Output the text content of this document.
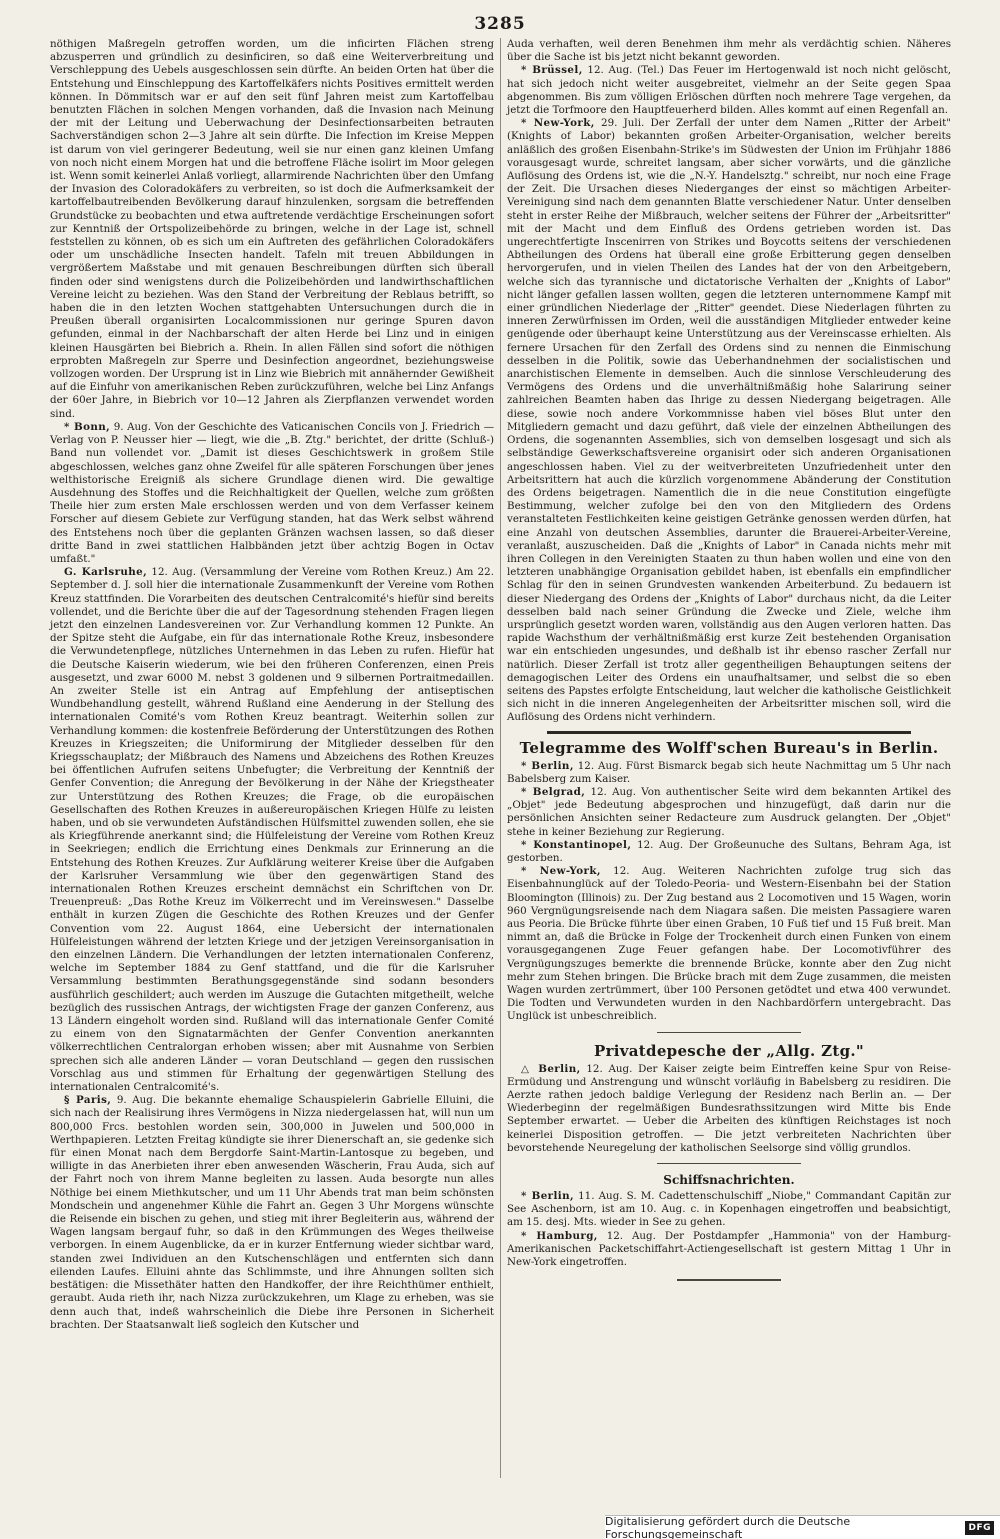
3285

nöthigen Maßregeln getroffen worden, um die inficirten Flächen streng abzusperren und gründlich zu desinficiren, so daß eine Weiterverbreitung und Verschleppung des Uebels ausgeschlossen sein dürfte. An beiden Orten hat über die Entstehung und Einschleppung des Kartoffelkäfers nichts Positives ermittelt werden können. In Dömmitsch war er auf den seit fünf Jahren meist zum Kartoffelbau benutzten Flächen in solchen Mengen vorhanden, daß die Invasion nach Meinung der mit der Leitung und Ueberwachung der Desinfectionsarbeiten betrauten Sachverständigen schon 2—3 Jahre alt sein dürfte. Die Infection im Kreise Meppen ist darum von viel geringerer Bedeutung, weil sie nur einen ganz kleinen Umfang von noch nicht einem Morgen hat und die betroffene Fläche isolirt im Moor gelegen ist. Wenn somit keinerlei Anlaß vorliegt, allarmirende Nachrichten über den Umfang der Invasion des Coloradokäfers zu verbreiten, so ist doch die Aufmerksamkeit der kartoffelbautreibenden Bevölkerung darauf hinzulenken, sorgsam die betreffenden Grundstücke zu beobachten und etwa auftretende verdächtige Erscheinungen sofort zur Kenntniß der Ortspolizeibehörde zu bringen, welche in der Lage ist, schnell feststellen zu können, ob es sich um ein Auftreten des gefährlichen Coloradokäfers oder um unschädliche Insecten handelt. Tafeln mit treuen Abbildungen in vergrößertem Maßstabe und mit genauen Beschreibungen dürften sich überall finden oder sind wenigstens durch die Polizeibehörden und landwirthschaftlichen Vereine leicht zu beziehen. Was den Stand der Verbreitung der Reblaus betrifft, so haben die in den letzten Wochen stattgehabten Untersuchungen durch die in Preußen überall organisirten Localcommissionen nur geringe Spuren davon gefunden, einmal in der Nachbarschaft der alten Herde bei Linz und in einigen kleinen Hausgärten bei Biebrich a. Rhein. In allen Fällen sind sofort die nöthigen erprobten Maßregeln zur Sperre und Desinfection angeordnet, beziehungsweise vollzogen worden. Der Ursprung ist in Linz wie Biebrich mit annähernder Gewißheit auf die Einfuhr von amerikanischen Reben zurückzuführen, welche bei Linz Anfangs der 60er Jahre, in Biebrich vor 10—12 Jahren als Zierpflanzen verwendet worden sind.

* Bonn, 9. Aug. Von der Geschichte des Vaticanischen Concils von J. Friedrich — Verlag von P. Neusser hier — liegt, wie die „B. Ztg." berichtet, der dritte (Schluß-) Band nun vollendet vor. „Damit ist dieses Geschichtswerk in großem Stile abgeschlossen, welches ganz ohne Zweifel für alle späteren Forschungen über jenes welthistorische Ereigniß als sichere Grundlage dienen wird. Die gewaltige Ausdehnung des Stoffes und die Reichhaltigkeit der Quellen, welche zum größten Theile hier zum ersten Male erschlossen werden und von dem Verfasser keinem Forscher auf diesem Gebiete zur Verfügung standen, hat das Werk selbst während des Entstehens noch über die geplanten Gränzen wachsen lassen, so daß dieser dritte Band in zwei stattlichen Halbbänden jetzt über achtzig Bogen in Octav umfaßt."

G. Karlsruhe, 12. Aug. (Versammlung der Vereine vom Rothen Kreuz.) Am 22. September d. J. soll hier die internationale Zusammenkunft der Vereine vom Rothen Kreuz stattfinden. Die Vorarbeiten des deutschen Centralcomité's hiefür sind bereits vollendet, und die Berichte über die auf der Tagesordnung stehenden Fragen liegen jetzt den einzelnen Landesvereinen vor. Zur Verhandlung kommen 12 Punkte. An der Spitze steht die Aufgabe, ein für das internationale Rothe Kreuz, insbesondere die Verwundetenpflege, nützliches Unternehmen in das Leben zu rufen. Hiefür hat die Deutsche Kaiserin wiederum, wie bei den früheren Conferenzen, einen Preis ausgesetzt, und zwar 6000 M. nebst 3 goldenen und 9 silbernen Portraitmedaillen. An zweiter Stelle ist ein Antrag auf Empfehlung der antiseptischen Wundbehandlung gestellt, während Rußland eine Aenderung in der Stellung des internationalen Comité's vom Rothen Kreuz beantragt. Weiterhin sollen zur Verhandlung kommen: die kostenfreie Beförderung der Unterstützungen des Rothen Kreuzes in Kriegszeiten; die Uniformirung der Mitglieder desselben für den Kriegsschauplatz; der Mißbrauch des Namens und Abzeichens des Rothen Kreuzes bei öffentlichen Aufrufen seitens Unbefugter; die Verbreitung der Kenntniß der Genfer Convention; die Anregung der Bevölkerung in der Nähe der Kriegstheater zur Unterstützung des Rothen Kreuzes; die Frage, ob die europäischen Gesellschaften des Rothen Kreuzes in außereuropäischen Kriegen Hülfe zu leisten haben, und ob sie verwundeten Aufständischen Hülfsmittel zuwenden sollen, ehe sie als Kriegführende anerkannt sind; die Hülfeleistung der Vereine vom Rothen Kreuz in Seekriegen; endlich die Errichtung eines Denkmals zur Erinnerung an die Entstehung des Rothen Kreuzes. Zur Aufklärung weiterer Kreise über die Aufgaben der Karlsruher Versammlung wie über den gegenwärtigen Stand des internationalen Rothen Kreuzes erscheint demnächst ein Schriftchen von Dr. Treuenpreuß: „Das Rothe Kreuz im Völkerrecht und im Vereinswesen." Dasselbe enthält in kurzen Zügen die Geschichte des Rothen Kreuzes und der Genfer Convention vom 22. August 1864, eine Uebersicht der internationalen Hülfeleistungen während der letzten Kriege und der jetzigen Vereinsorganisation in den einzelnen Ländern. Die Verhandlungen der letzten internationalen Conferenz, welche im September 1884 zu Genf stattfand, und die für die Karlsruher Versammlung bestimmten Berathungsgegenstände sind sodann besonders ausführlich geschildert; auch werden im Auszuge die Gutachten mitgetheilt, welche bezüglich des russischen Antrags, der wichtigsten Frage der ganzen Conferenz, aus 13 Ländern eingeholt worden sind. Rußland will das internationale Genfer Comité zu einem von den Signatarmächten der Genfer Convention anerkannten völkerrechtlichen Centralorgan erhoben wissen; aber mit Ausnahme von Serbien sprechen sich alle anderen Länder — voran Deutschland — gegen den russischen Vorschlag aus und stimmen für Erhaltung der gegenwärtigen Stellung des internationalen Centralcomité's.

§ Paris, 9. Aug. Die bekannte ehemalige Schauspielerin Gabrielle Elluini, die sich nach der Realisirung ihres Vermögens in Nizza niedergelassen hat, will nun um 800,000 Frcs. bestohlen worden sein, 300,000 in Juwelen und 500,000 in Werthpapieren. Letzten Freitag kündigte sie ihrer Dienerschaft an, sie gedenke sich für einen Monat nach dem Bergdorfe Saint-Martin-Lantosque zu begeben, und willigte in das Anerbieten ihrer eben anwesenden Wäscherin, Frau Auda, sich auf der Fahrt noch von ihrem Manne begleiten zu lassen. Auda besorgte nun alles Nöthige bei einem Miethkutscher, und um 11 Uhr Abends trat man beim schönsten Mondschein und angenehmer Kühle die Fahrt an. Gegen 3 Uhr Morgens wünschte die Reisende ein bischen zu gehen, und stieg mit ihrer Begleiterin aus, während der Wagen langsam bergauf fuhr, so daß in den Krümmungen des Weges theilweise verborgen. In einem Augenblicke, da er in kurzer Entfernung wieder sichtbar ward, standen zwei Individuen an den Kutschenschlägen und entfernten sich dann eilenden Laufes. Elluini ahnte das Schlimmste, und ihre Ahnungen sollten sich bestätigen: die Missethäter hatten den Handkoffer, der ihre Reichthümer enthielt, geraubt. Auda rieth ihr, nach Nizza zurückzukehren, um Klage zu erheben, was sie denn auch that, indeß wahrscheinlich die Diebe ihre Personen in Sicherheit brachten. Der Staatsanwalt ließ sogleich den Kutscher und

Auda verhaften, weil deren Benehmen ihm mehr als verdächtig schien. Näheres über die Sache ist bis jetzt nicht bekannt geworden.

* Brüssel, 12. Aug. (Tel.) Das Feuer im Hertogenwald ist noch nicht gelöscht, hat sich jedoch nicht weiter ausgebreitet, vielmehr an der Seite gegen Spaa abgenommen. Bis zum völligen Erlöschen dürften noch mehrere Tage vergehen, da jetzt die Torfmoore den Hauptfeuerherd bilden. Alles kommt auf einen Regenfall an.

* New-York, 29. Juli. Der Zerfall der unter dem Namen „Ritter der Arbeit" (Knights of Labor) bekannten großen Arbeiter-Organisation, welcher bereits anläßlich des großen Eisenbahn-Strike's im Südwesten der Union im Frühjahr 1886 vorausgesagt wurde, schreitet langsam, aber sicher vorwärts, und die gänzliche Auflösung des Ordens ist, wie die „N.-Y. Handelsztg." schreibt, nur noch eine Frage der Zeit. Die Ursachen dieses Niederganges der einst so mächtigen Arbeiter-Vereinigung sind nach dem genannten Blatte verschiedener Natur. Unter denselben steht in erster Reihe der Mißbrauch, welcher seitens der Führer der „Arbeitsritter" mit der Macht und dem Einfluß des Ordens getrieben worden ist. Das ungerechtfertigte Inscenirren von Strikes und Boycotts seitens der verschiedenen Abtheilungen des Ordens hat überall eine große Erbitterung gegen denselben hervorgerufen, und in vielen Theilen des Landes hat der von den Arbeitgebern, welche sich das tyrannische und dictatorische Verhalten der „Knights of Labor" nicht länger gefallen lassen wollten, gegen die letzteren unternommene Kampf mit einer gründlichen Niederlage der „Ritter" geendet. Diese Niederlagen führten zu inneren Zerwürfnissen im Orden, weil die ausständigen Mitglieder entweder keine genügende oder überhaupt keine Unterstützung aus der Vereinscasse erhielten. Als fernere Ursachen für den Zerfall des Ordens sind zu nennen die Einmischung desselben in die Politik, sowie das Ueberhandnehmen der socialistischen und anarchistischen Elemente in demselben. Auch die sinnlose Verschleuderung des Vermögens des Ordens und die unverhältnißmäßig hohe Salarirung seiner zahlreichen Beamten haben das Ihrige zu dessen Niedergang beigetragen. Alle diese, sowie noch andere Vorkommnisse haben viel böses Blut unter den Mitgliedern gemacht und dazu geführt, daß viele der einzelnen Abtheilungen des Ordens, die sogenannten Assemblies, sich von demselben losgesagt und sich als selbständige Gewerkschaftsvereine organisirt oder sich anderen Organisationen angeschlossen haben. Viel zu der weitverbreiteten Unzufriedenheit unter den Arbeitsrittern hat auch die kürzlich vorgenommene Abänderung der Constitution des Ordens beigetragen. Namentlich die in die neue Constitution eingefügte Bestimmung, welcher zufolge bei den von den Mitgliedern des Ordens veranstalteten Festlichkeiten keine geistigen Getränke genossen werden dürfen, hat eine Anzahl von deutschen Assemblies, darunter die Brauerei-Arbeiter-Vereine, veranlaßt, auszuscheiden. Daß die „Knights of Labor" in Canada nichts mehr mit ihren Collegen in den Vereinigten Staaten zu thun haben wollen und eine von den letzteren unabhängige Organisation gebildet haben, ist ebenfalls ein empfindlicher Schlag für den in seinen Grundvesten wankenden Arbeiterbund. Zu bedauern ist dieser Niedergang des Ordens der „Knights of Labor" durchaus nicht, da die Leiter desselben bald nach seiner Gründung die Zwecke und Ziele, welche ihm ursprünglich gesetzt worden waren, vollständig aus den Augen verloren hatten. Das rapide Wachsthum der verhältnißmäßig erst kurze Zeit bestehenden Organisation war ein entschieden ungesundes, und deßhalb ist ihr ebenso rascher Zerfall nur natürlich. Dieser Zerfall ist trotz aller gegentheiligen Behauptungen seitens der demagogischen Leiter des Ordens ein unaufhaltsamer, und selbst die so eben seitens des Papstes erfolgte Entscheidung, laut welcher die katholische Geistlichkeit sich nicht in die inneren Angelegenheiten der Arbeitsritter mischen soll, wird die Auflösung des Ordens nicht verhindern.

Telegramme des Wolff'schen Bureau's in Berlin.

* Berlin, 12. Aug. Fürst Bismarck begab sich heute Nachmittag um 5 Uhr nach Babelsberg zum Kaiser.

* Belgrad, 12. Aug. Von authentischer Seite wird dem bekannten Artikel des „Objet" jede Bedeutung abgesprochen und hinzugefügt, daß darin nur die persönlichen Ansichten seiner Redacteure zum Ausdruck gelangten. Der „Objet" stehe in keiner Beziehung zur Regierung.

* Konstantinopel, 12. Aug. Der Großeunuche des Sultans, Behram Aga, ist gestorben.

* New-York, 12. Aug. Weiteren Nachrichten zufolge trug sich das Eisenbahnunglück auf der Toledo-Peoria- und Western-Eisenbahn bei der Station Bloomington (Illinois) zu. Der Zug bestand aus 2 Locomotiven und 15 Wagen, worin 960 Vergnügungsreisende nach dem Niagara saßen. Die meisten Passagiere waren aus Peoria. Die Brücke führte über einen Graben, 10 Fuß tief und 15 Fuß breit. Man nimmt an, daß die Brücke in Folge der Trockenheit durch einen Funken von einem vorausgegangenen Zuge Feuer gefangen habe. Der Locomotivführer des Vergnügungszuges bemerkte die brennende Brücke, konnte aber den Zug nicht mehr zum Stehen bringen. Die Brücke brach mit dem Zuge zusammen, die meisten Wagen wurden zertrümmert, über 100 Personen getödtet und etwa 400 verwundet. Die Todten und Verwundeten wurden in den Nachbardörfern untergebracht. Das Unglück ist unbeschreiblich.

Privatdepesche der „Allg. Ztg."

△ Berlin, 12. Aug. Der Kaiser zeigte beim Eintreffen keine Spur von Reise-Ermüdung und Anstrengung und wünscht vorläufig in Babelsberg zu residiren. Die Aerzte rathen jedoch baldige Verlegung der Residenz nach Berlin an. — Der Wiederbeginn der regelmäßigen Bundesrathssitzungen wird Mitte bis Ende September erwartet. — Ueber die Arbeiten des künftigen Reichstages ist noch keinerlei Disposition getroffen. — Die jetzt verbreiteten Nachrichten über bevorstehende Neuregelung der katholischen Seelsorge sind völlig grundlos.

Schiffsnachrichten.

* Berlin, 11. Aug. S. M. Cadettenschulschiff „Niobe," Commandant Capitän zur See Aschenborn, ist am 10. Aug. c. in Kopenhagen eingetroffen und beabsichtigt, am 15. desj. Mts. wieder in See zu gehen.

* Hamburg, 12. Aug. Der Postdampfer „Hammonia" von der Hamburg-Amerikanischen Packetschiffahrt-Actiengesellschaft ist gestern Mittag 1 Uhr in New-York eingetroffen.

Digitalisierung gefördert durch die Deutsche Forschungsgemeinschaft	DFG
